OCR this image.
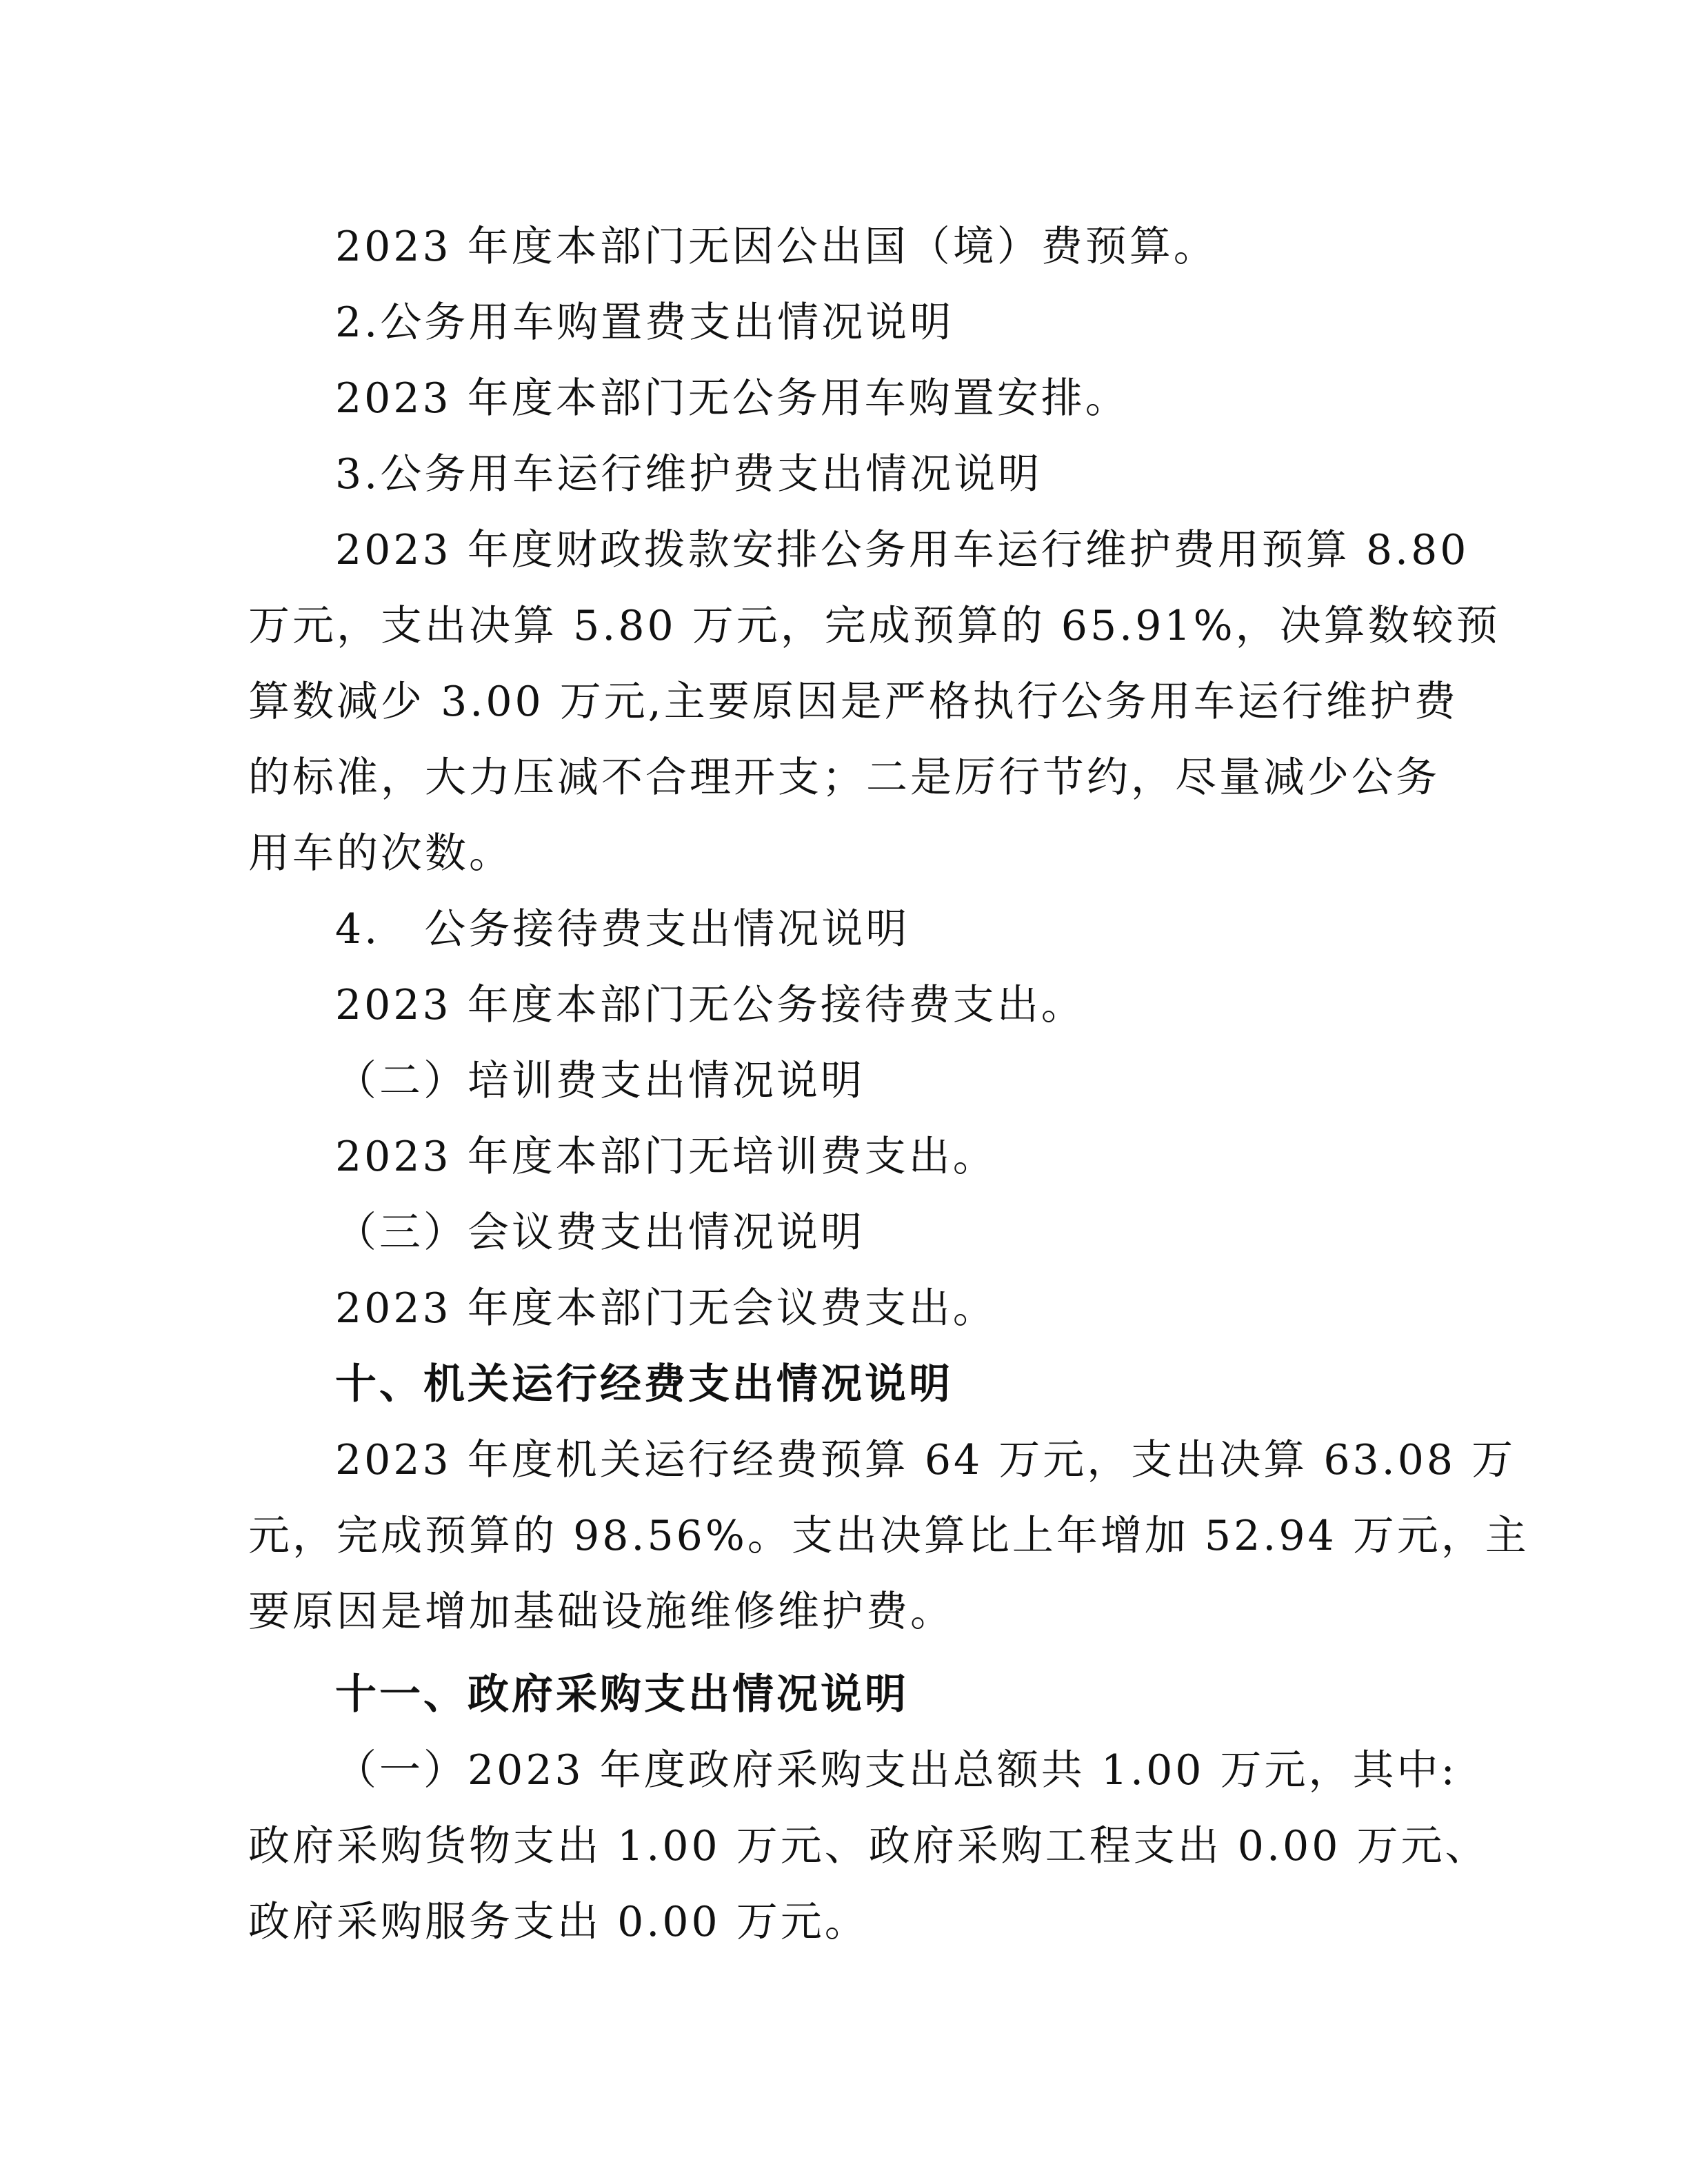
2023 年度本部门无因公出国（境）费预算。
2.公务用车购置费支出情况说明
2023 年度本部门无公务用车购置安排。
3.公务用车运行维护费支出情况说明
2023 年度财政拨款安排公务用车运行维护费用预算 8.80
万元，支出决算 5.80 万元，完成预算的 65.91%，决算数较预
算数减少 3.00 万元,主要原因是严格执行公务用车运行维护费
的标准，大力压减不合理开支；二是厉行节约，尽量减少公务
用车的次数。
4.　公务接待费支出情况说明
2023 年度本部门无公务接待费支出。
（二）培训费支出情况说明
2023 年度本部门无培训费支出。
（三）会议费支出情况说明
2023 年度本部门无会议费支出。
十、机关运行经费支出情况说明
2023 年度机关运行经费预算 64 万元，支出决算 63.08 万
元，完成预算的 98.56%。支出决算比上年增加 52.94 万元，主
要原因是增加基础设施维修维护费。
十一、政府采购支出情况说明
（一）2023 年度政府采购支出总额共 1.00 万元，其中:
政府采购货物支出 1.00 万元、政府采购工程支出 0.00 万元、
政府采购服务支出 0.00 万元。
